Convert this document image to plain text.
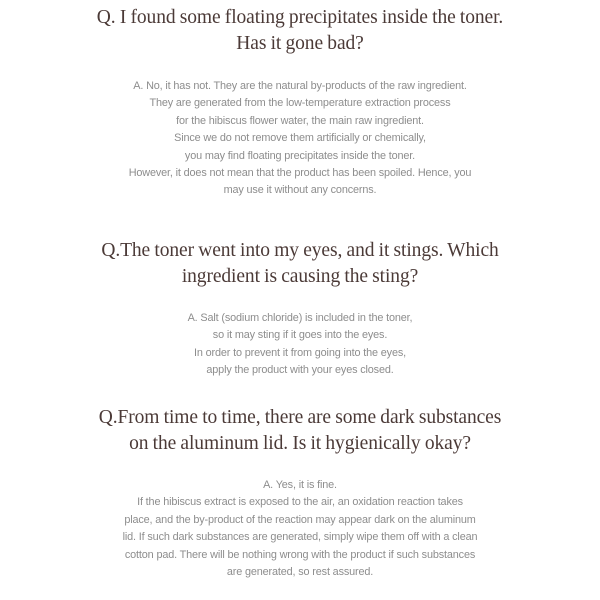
Q. I found some floating precipitates inside the toner.
Has it gone bad?
A. No, it has not. They are the natural by-products of the raw ingredient.
They are generated from the low-temperature extraction process
for the hibiscus flower water, the main raw ingredient.
Since we do not remove them artificially or chemically,
you may find floating precipitates inside the toner.
However, it does not mean that the product has been spoiled. Hence, you
may use it without any concerns.
Q.The toner went into my eyes, and it stings. Which
ingredient is causing the sting?
A. Salt (sodium chloride) is included in the toner,
so it may sting if it goes into the eyes.
In order to prevent it from going into the eyes,
apply the product with your eyes closed.
Q.From time to time, there are some dark substances
on the aluminum lid. Is it hygienically okay?
A. Yes, it is fine.
If the hibiscus extract is exposed to the air, an oxidation reaction takes
place, and the by-product of the reaction may appear dark on the aluminum
lid. If such dark substances are generated, simply wipe them off with a clean
cotton pad. There will be nothing wrong with the product if such substances
are generated, so rest assured.
